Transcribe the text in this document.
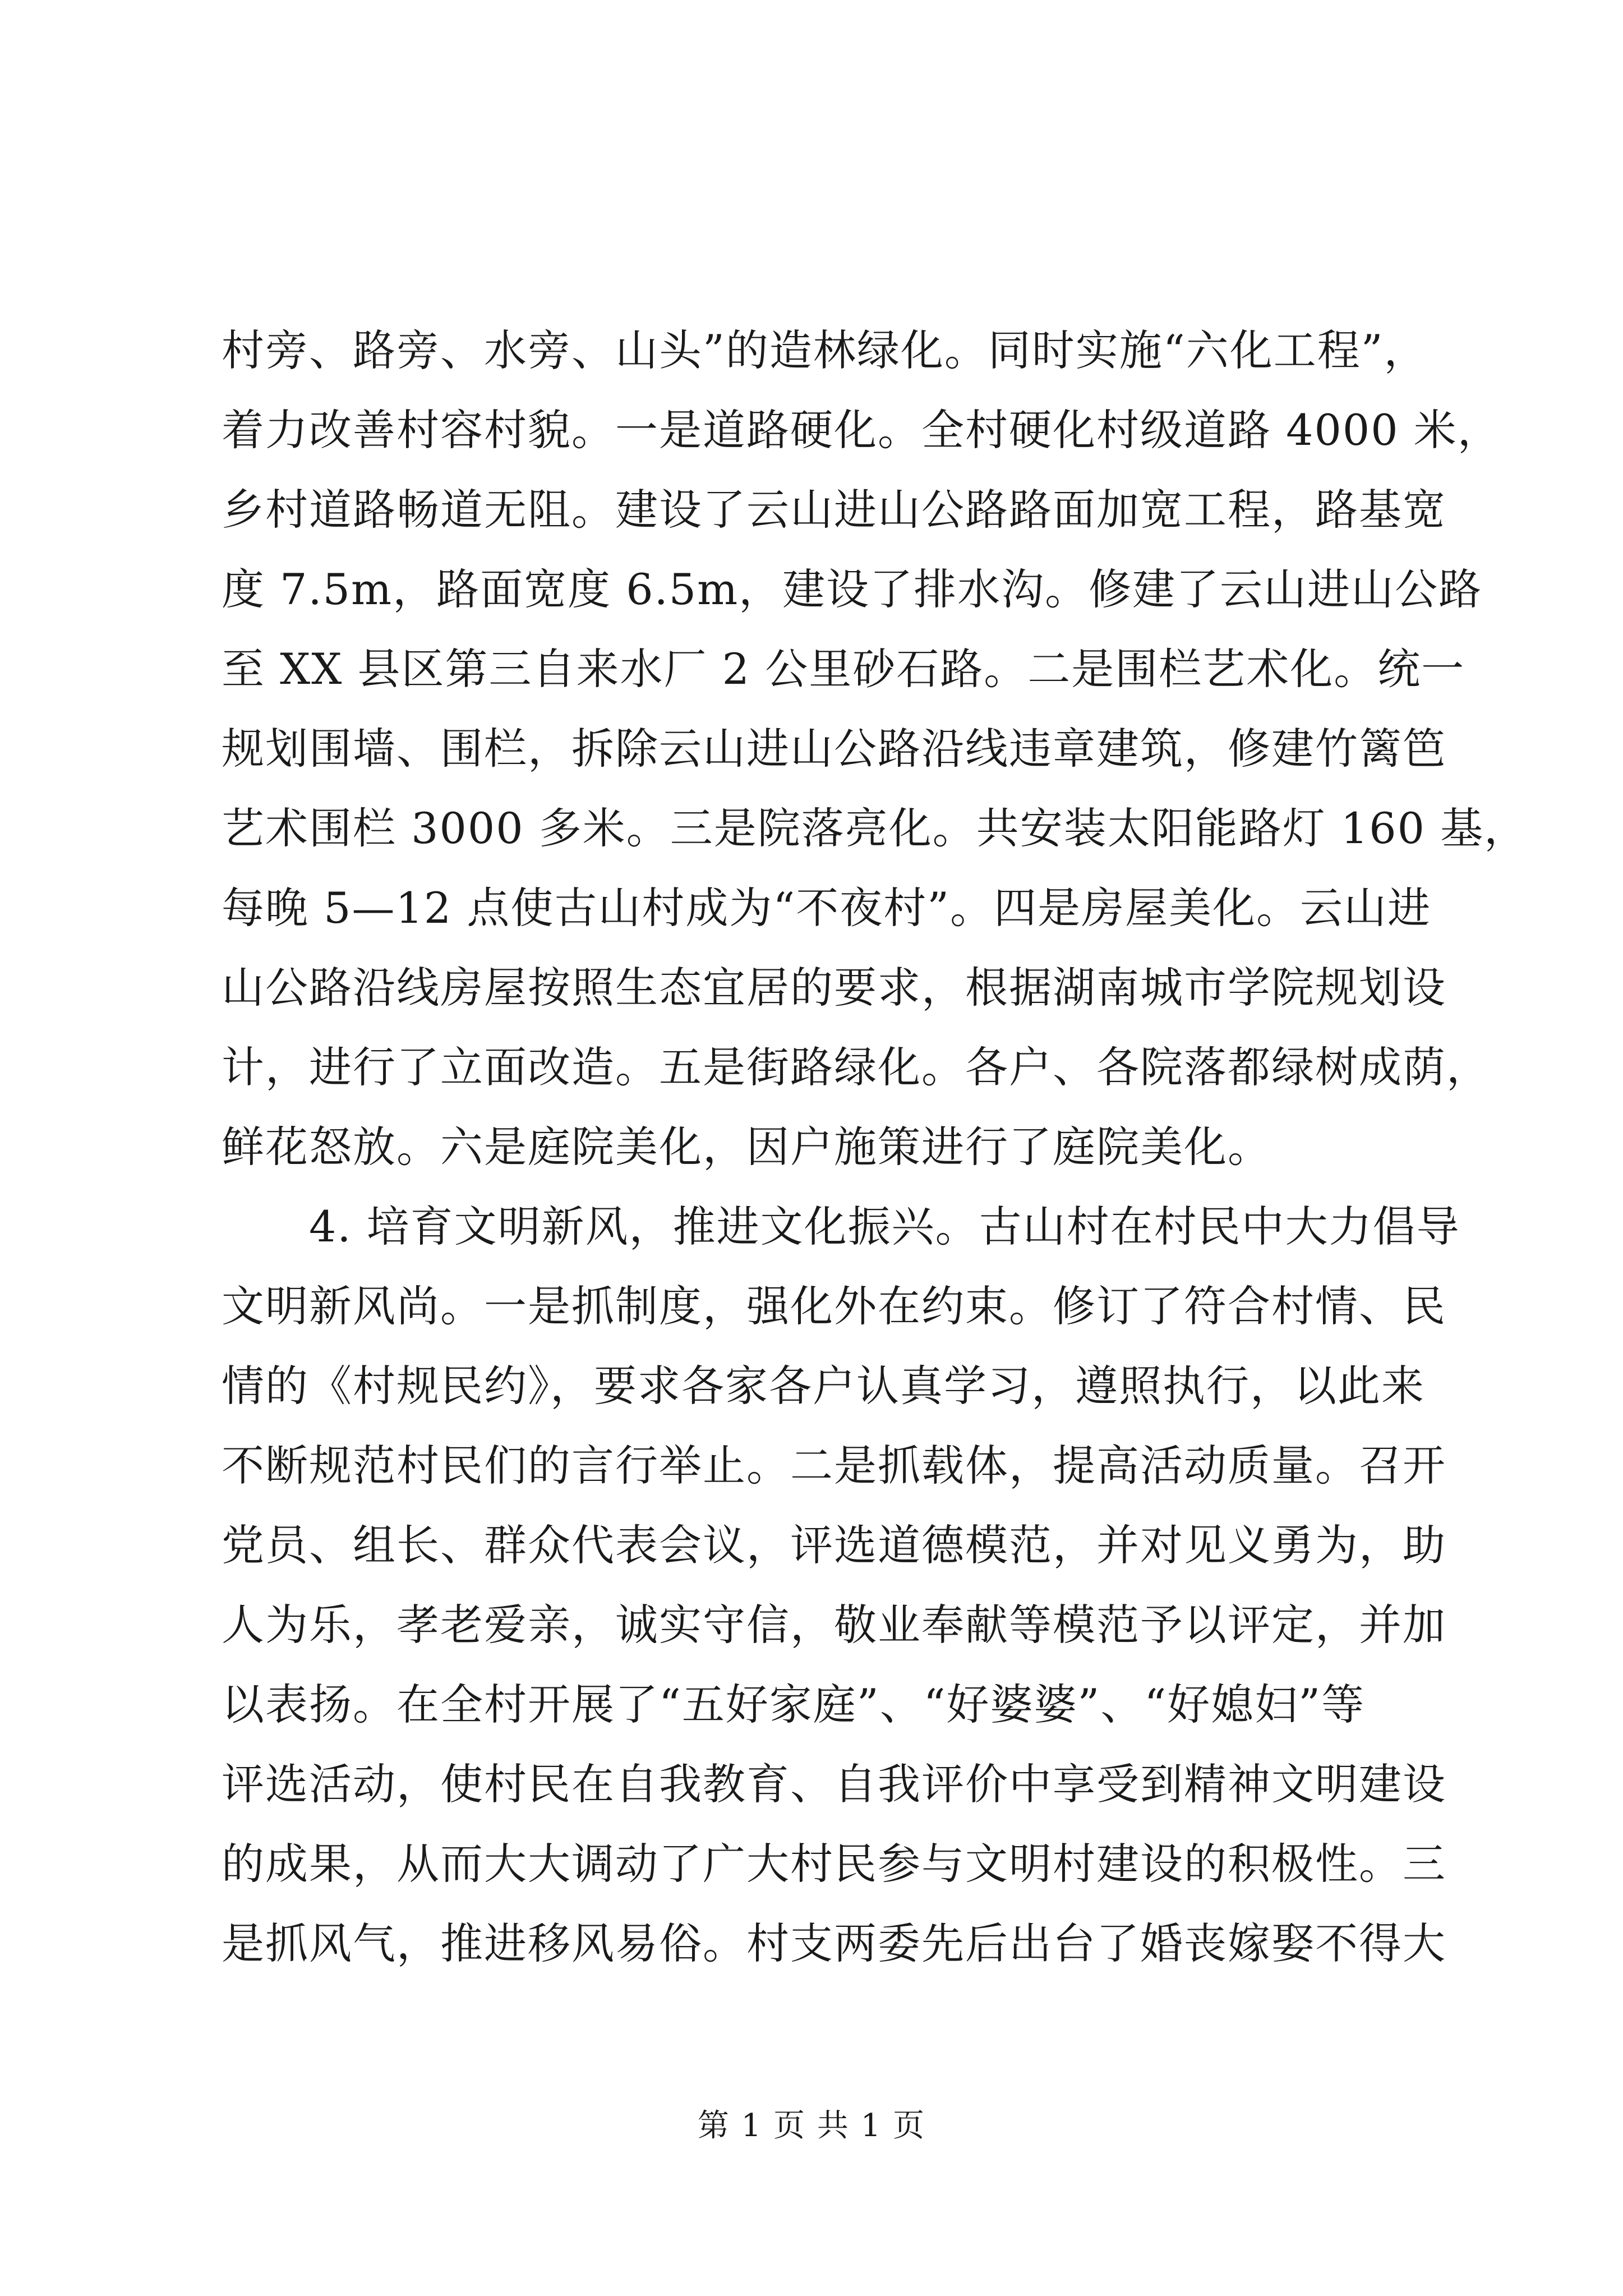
村旁、路旁、水旁、山头”的造林绿化。同时实施“六化工程”，
着力改善村容村貌。一是道路硬化。全村硬化村级道路 4000 米，
乡村道路畅道无阻。建设了云山进山公路路面加宽工程，路基宽
度 7.5m，路面宽度 6.5m，建设了排水沟。修建了云山进山公路
至 XX 县区第三自来水厂 2 公里砂石路。二是围栏艺术化。统一
规划围墙、围栏，拆除云山进山公路沿线违章建筑，修建竹篱笆
艺术围栏 3000 多米。三是院落亮化。共安装太阳能路灯 160 基，
每晚 5—12 点使古山村成为“不夜村”。四是房屋美化。云山进
山公路沿线房屋按照生态宜居的要求，根据湖南城市学院规划设
计，进行了立面改造。五是街路绿化。各户、各院落都绿树成荫，
鲜花怒放。六是庭院美化，因户施策进行了庭院美化。
　　4. 培育文明新风，推进文化振兴。古山村在村民中大力倡导
文明新风尚。一是抓制度，强化外在约束。修订了符合村情、民
情的《村规民约》，要求各家各户认真学习，遵照执行，以此来
不断规范村民们的言行举止。二是抓载体，提高活动质量。召开
党员、组长、群众代表会议，评选道德模范，并对见义勇为，助
人为乐，孝老爱亲，诚实守信，敬业奉献等模范予以评定，并加
以表扬。在全村开展了“五好家庭”、“好婆婆”、“好媳妇”等
评选活动，使村民在自我教育、自我评价中享受到精神文明建设
的成果，从而大大调动了广大村民参与文明村建设的积极性。三
是抓风气，推进移风易俗。村支两委先后出台了婚丧嫁娶不得大
第 1 页 共 1 页
